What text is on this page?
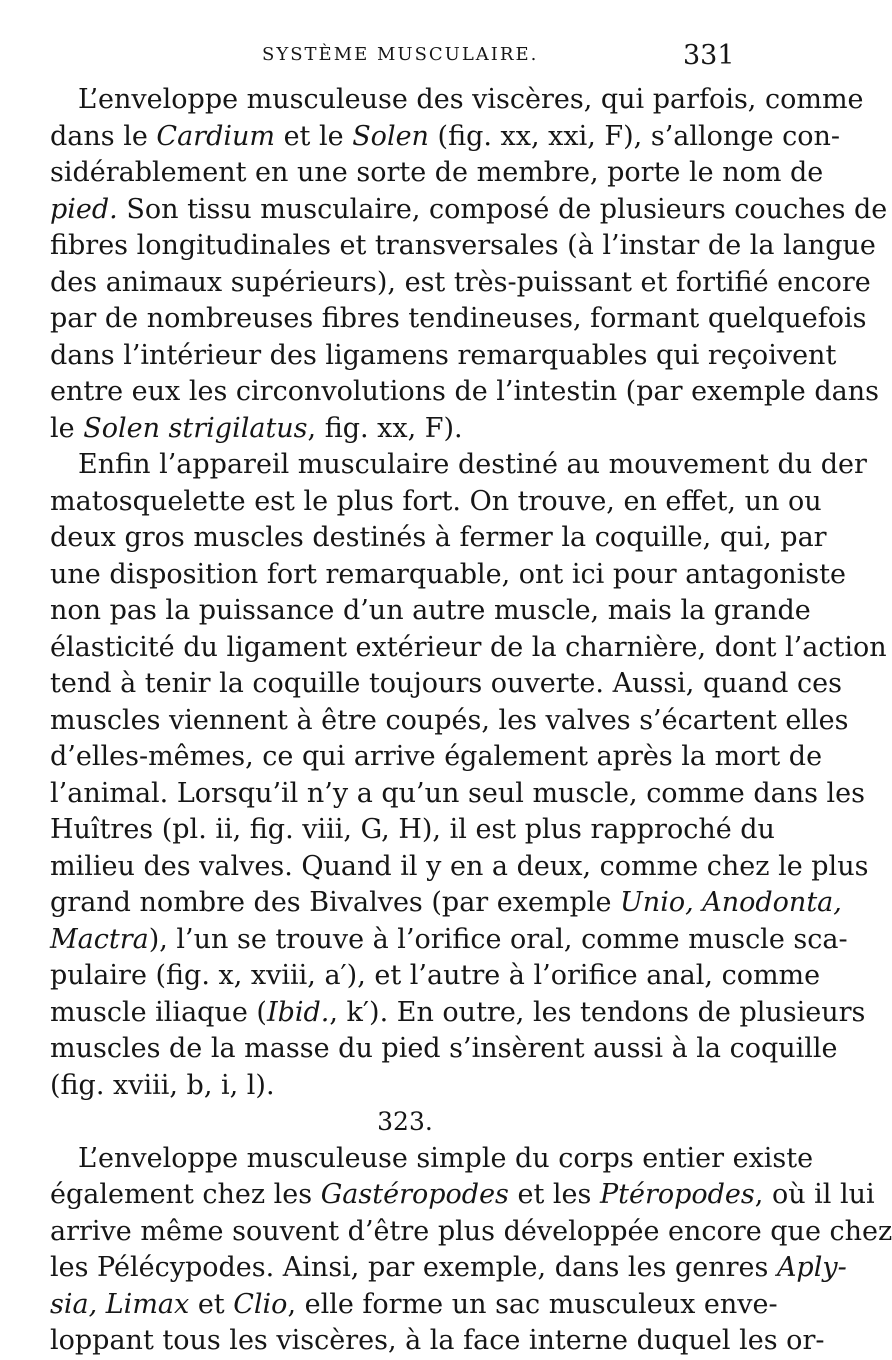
SYSTÈME MUSCULAIRE.	331
L’enveloppe musculeuse des viscères, qui parfois, comme
dans le Cardium et le Solen (fig. xx, xxi, F), s’allonge con-
sidérablement en une sorte de membre, porte le nom de
pied. Son tissu musculaire, composé de plusieurs couches de
fibres longitudinales et transversales (à l’instar de la langue
des animaux supérieurs), est très-puissant et fortifié encore
par de nombreuses fibres tendineuses, formant quelquefois
dans l’intérieur des ligamens remarquables qui reçoivent
entre eux les circonvolutions de l’intestin (par exemple dans
le Solen strigilatus, fig. xx, F).
Enfin l’appareil musculaire destiné au mouvement du der
matosquelette est le plus fort. On trouve, en effet, un ou
deux gros muscles destinés à fermer la coquille, qui, par
une disposition fort remarquable, ont ici pour antagoniste
non pas la puissance d’un autre muscle, mais la grande
élasticité du ligament extérieur de la charnière, dont l’action
tend à tenir la coquille toujours ouverte. Aussi, quand ces
muscles viennent à être coupés, les valves s’écartent elles
d’elles-mêmes, ce qui arrive également après la mort de
l’animal. Lorsqu’il n’y a qu’un seul muscle, comme dans les
Huîtres (pl. ii, fig. viii, G, H), il est plus rapproché du
milieu des valves. Quand il y en a deux, comme chez le plus
grand nombre des Bivalves (par exemple Unio, Anodonta,
Mactra), l’un se trouve à l’orifice oral, comme muscle sca-
pulaire (fig. x, xviii, a′), et l’autre à l’orifice anal, comme
muscle iliaque (Ibid., k′). En outre, les tendons de plusieurs
muscles de la masse du pied s’insèrent aussi à la coquille
(fig. xviii, b, i, l).
323.
L’enveloppe musculeuse simple du corps entier existe
également chez les Gastéropodes et les Ptéropodes, où il lui
arrive même souvent d’être plus développée encore que chez
les Pélécypodes. Ainsi, par exemple, dans les genres Aply-
sia, Limax et Clio, elle forme un sac musculeux enve-
loppant tous les viscères, à la face interne duquel les or-
